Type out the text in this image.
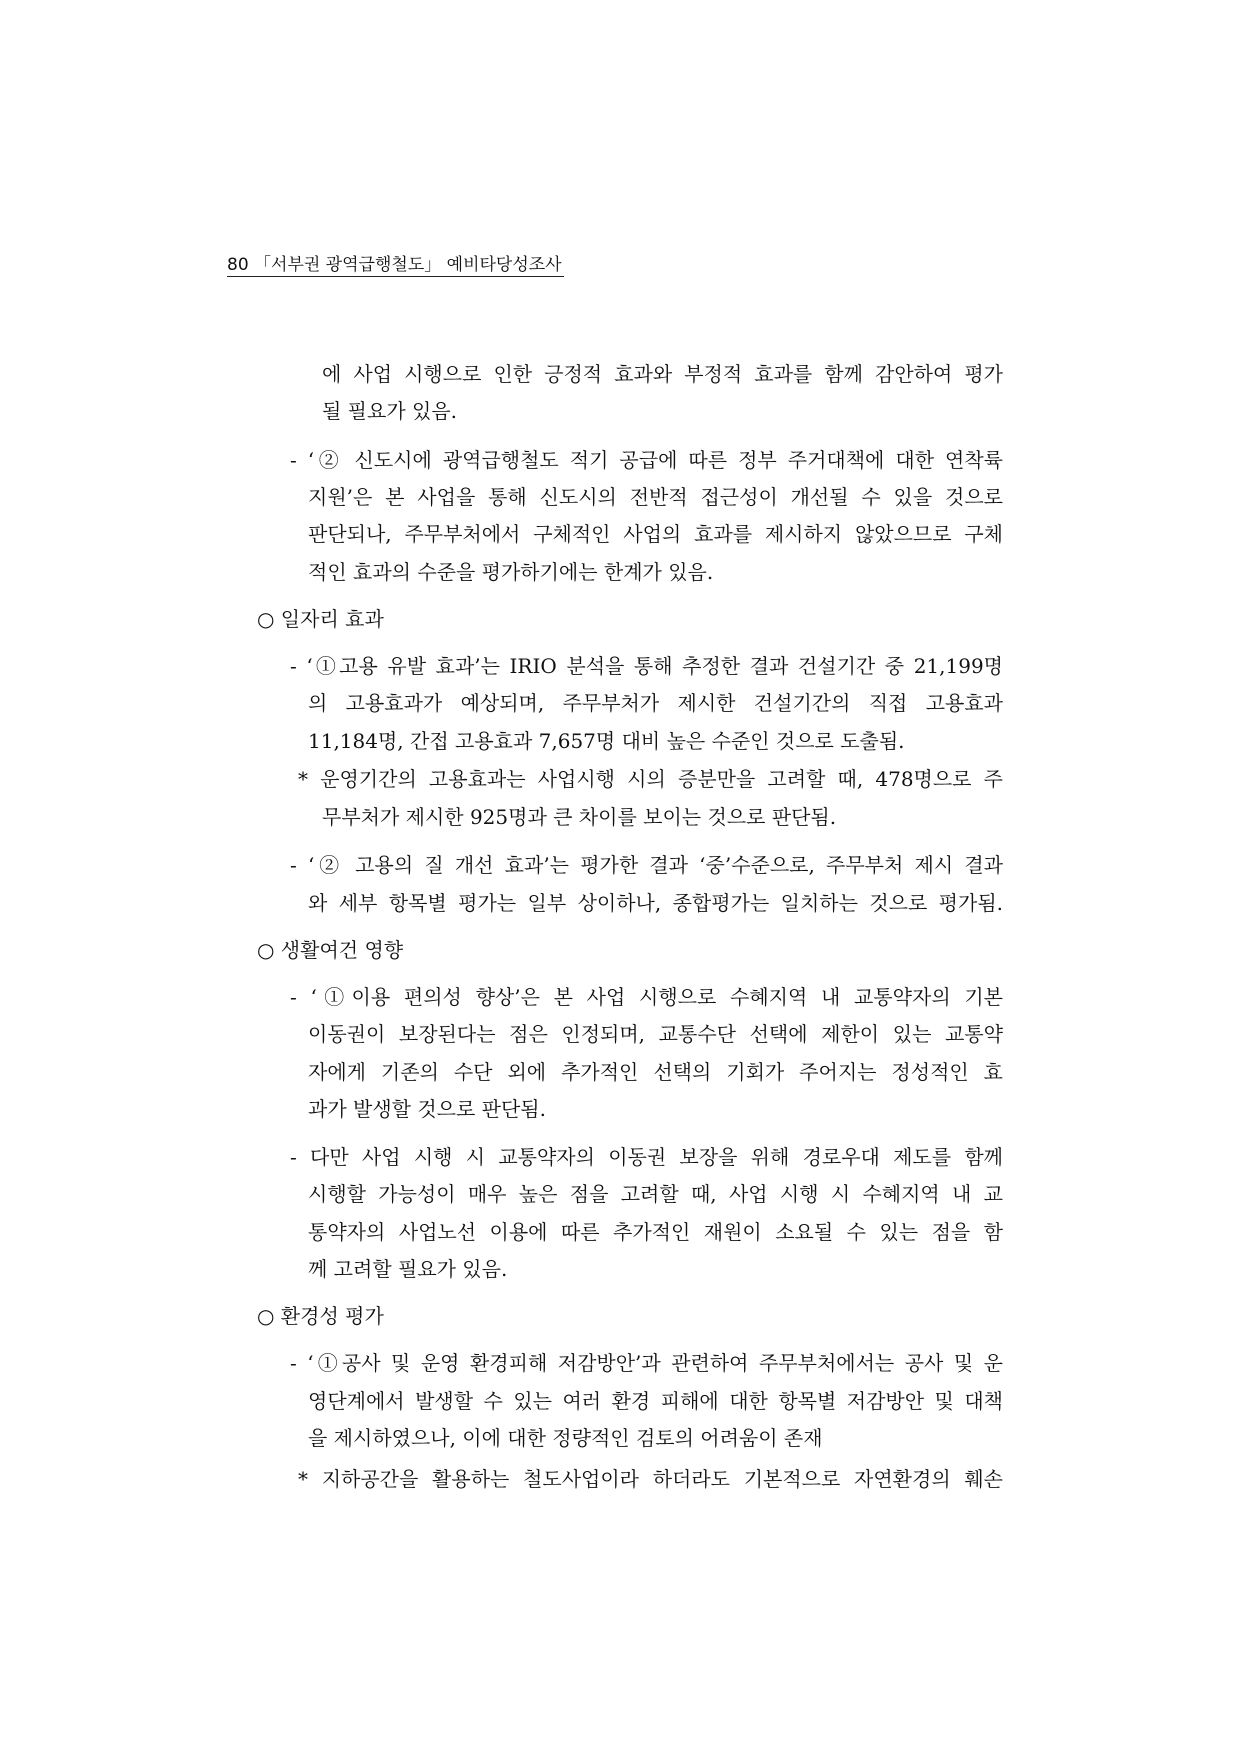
80 「서부권 광역급행철도」 예비타당성조사
에 사업 시행으로 인한 긍정적 효과와 부정적 효과를 함께 감안하여 평가
될 필요가 있음.
- ‘② 신도시에 광역급행철도 적기 공급에 따른 정부 주거대책에 대한 연착륙
지원’은 본 사업을 통해 신도시의 전반적 접근성이 개선될 수 있을 것으로
판단되나, 주무부처에서 구체적인 사업의 효과를 제시하지 않았으므로 구체
적인 효과의 수준을 평가하기에는 한계가 있음.
○ 일자리 효과
- ‘①고용 유발 효과’는 IRIO 분석을 통해 추정한 결과 건설기간 중 21,199명
의 고용효과가 예상되며, 주무부처가 제시한 건설기간의 직접 고용효과
11,184명, 간접 고용효과 7,657명 대비 높은 수준인 것으로 도출됨.
* 운영기간의 고용효과는 사업시행 시의 증분만을 고려할 때, 478명으로 주
무부처가 제시한 925명과 큰 차이를 보이는 것으로 판단됨.
- ‘② 고용의 질 개선 효과’는 평가한 결과 ‘중’수준으로, 주무부처 제시 결과
와 세부 항목별 평가는 일부 상이하나, 종합평가는 일치하는 것으로 평가됨.
○ 생활여건 영향
- ‘①이용 편의성 향상’은 본 사업 시행으로 수혜지역 내 교통약자의 기본
이동권이 보장된다는 점은 인정되며, 교통수단 선택에 제한이 있는 교통약
자에게 기존의 수단 외에 추가적인 선택의 기회가 주어지는 정성적인 효
과가 발생할 것으로 판단됨.
- 다만 사업 시행 시 교통약자의 이동권 보장을 위해 경로우대 제도를 함께
시행할 가능성이 매우 높은 점을 고려할 때, 사업 시행 시 수혜지역 내 교
통약자의 사업노선 이용에 따른 추가적인 재원이 소요될 수 있는 점을 함
께 고려할 필요가 있음.
○ 환경성 평가
- ‘①공사 및 운영 환경피해 저감방안’과 관련하여 주무부처에서는 공사 및 운
영단계에서 발생할 수 있는 여러 환경 피해에 대한 항목별 저감방안 및 대책
을 제시하였으나, 이에 대한 정량적인 검토의 어려움이 존재
* 지하공간을 활용하는 철도사업이라 하더라도 기본적으로 자연환경의 훼손
